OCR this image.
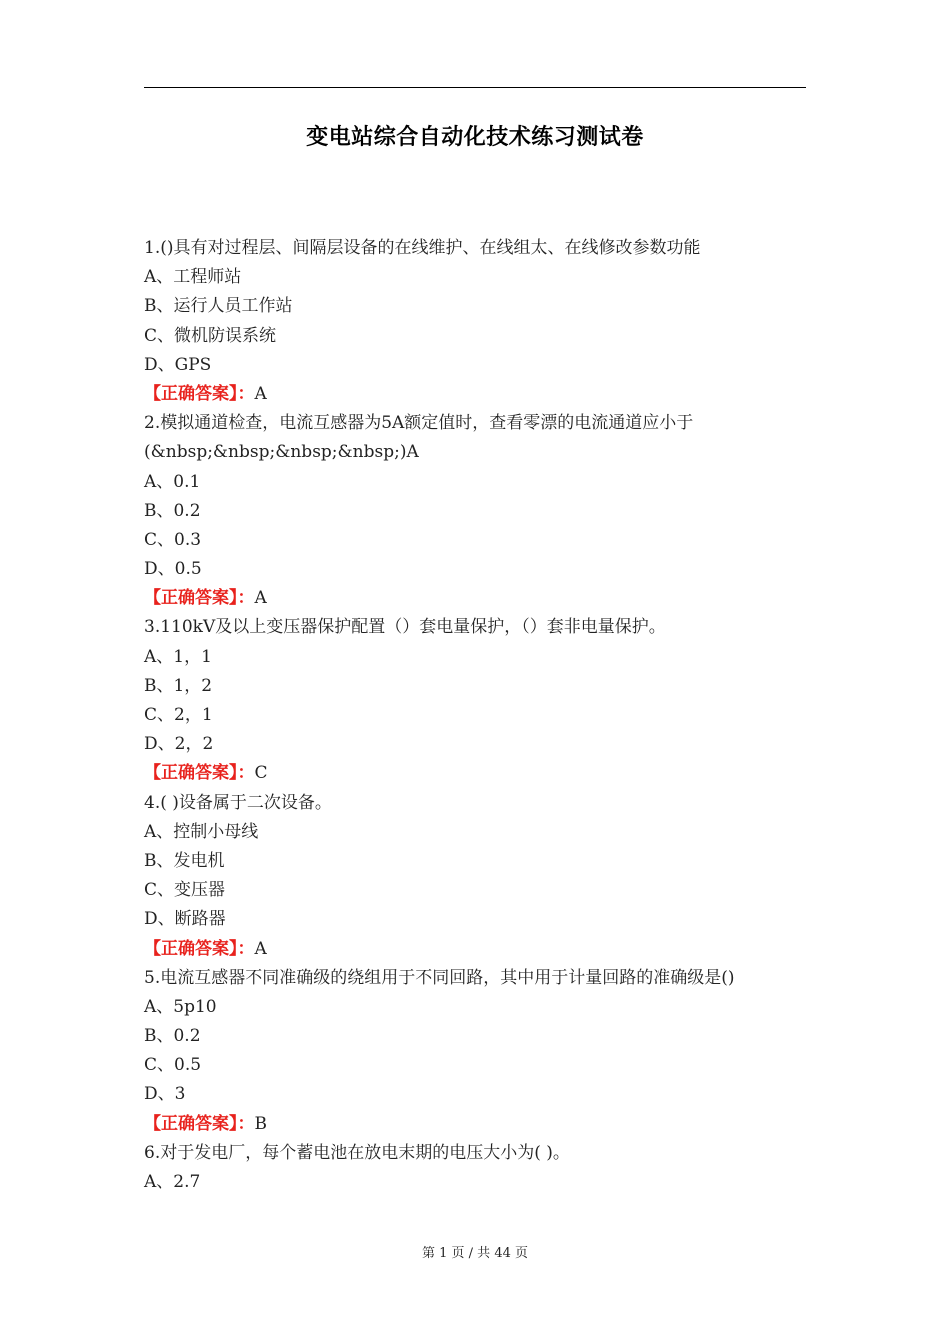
变电站综合自动化技术练习测试卷
1.()具有对过程层、间隔层设备的在线维护、在线组太、在线修改参数功能
A、工程师站
B、运行人员工作站
C、微机防误系统
D、GPS
【正确答案】：A
2.模拟通道检查，电流互感器为5A额定值时，查看零漂的电流通道应小于(&nbsp;&nbsp;&nbsp;&nbsp;)A
A、0.1
B、0.2
C、0.3
D、0.5
【正确答案】：A
3.110kV及以上变压器保护配置（）套电量保护，（）套非电量保护。
A、1，1
B、1，2
C、2，1
D、2，2
【正确答案】：C
4.( )设备属于二次设备。
A、控制小母线
B、发电机
C、变压器
D、断路器
【正确答案】：A
5.电流互感器不同准确级的绕组用于不同回路，其中用于计量回路的准确级是()
A、5p10
B、0.2
C、0.5
D、3
【正确答案】：B
6.对于发电厂，每个蓄电池在放电末期的电压大小为( )。
A、2.7
第 1 页 / 共 44 页
